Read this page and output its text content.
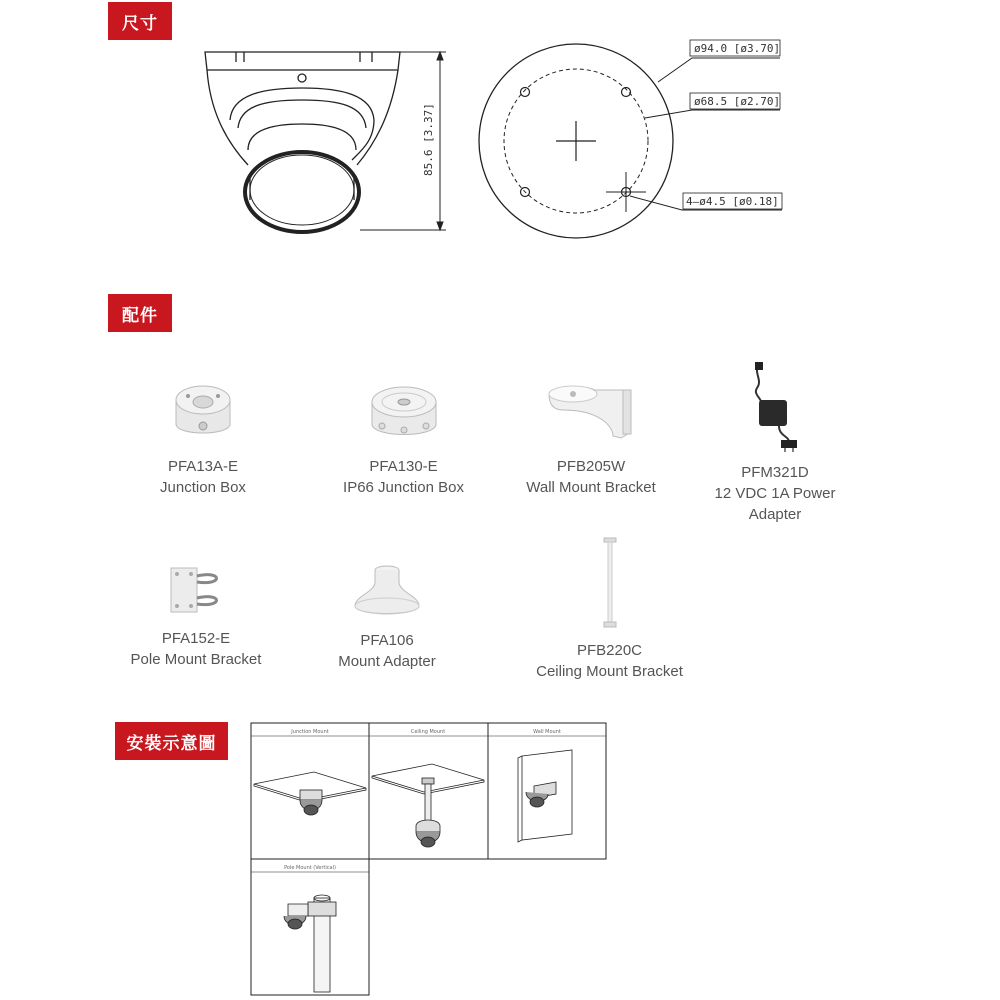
尺寸
配件
安裝示意圖
85.6 [3.37]
ø94.0 [ø3.70]
ø68.5 [ø2.70]
4–ø4.5 [ø0.18]
PFA13A-E
Junction Box
PFA130-E
IP66 Junction Box
PFB205W
Wall Mount Bracket
PFM321D
12 VDC 1A Power Adapter
PFA152-E
Pole Mount Bracket
PFA106
Mount Adapter
PFB220C
Ceiling Mount Bracket
Junction Mount	Ceiling Mount	Wall Mount
Pole Mount (Vertical)
